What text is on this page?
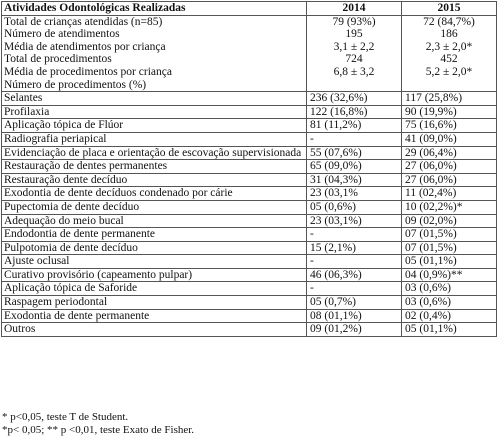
Atividades Odontológicas Realizadas	2014	2015
Total de crianças atendidas (n=85)	79 (93%)	72 (84,7%)
Número de atendimentos	195	186
Média de atendimentos por criança	3,1 ± 2,2	2,3 ± 2,0*
Total de procedimentos	724	452
Média de procedimentos por criança	6,8 ± 3,2	5,2 ± 2,0*
Número de procedimentos (%)		
Selantes	236 (32,6%)	117 (25,8%)
Profilaxia	122 (16,8%)	90 (19,9%)
Aplicação tópica de Flúor	81 (11,2%)	75 (16,6%)
Radiografia periapical	-	41 (09,0%)
Evidenciação de placa e orientação de escovação supervisionada	55 (07,6%)	29 (06,4%)
Restauração de dentes permanentes	65 (09,0%)	27 (06,0%)
Restauração dente decíduo	31 (04,3%)	27 (06,0%)
Exodontia de dente decíduos condenado por cárie	23 (03,1%	11 (02,4%)
Pupectomia de dente decíduo	05 (0,6%)	10 (02,2%)*
Adequação do meio bucal	23 (03,1%)	09 (02,0%)
Endodontia de dente permanente	-	07 (01,5%)
Pulpotomia de dente decíduo	15 (2,1%)	07 (01,5%)
Ajuste oclusal	-	05 (01,1%)
Curativo provisório (capeamento pulpar)	46 (06,3%)	04 (0,9%)**
Aplicação tópica de Saforide	-	03 (0,6%)
Raspagem periodontal	05 (0,7%)	03 (0,6%)
Exodontia de dente permanente	08 (01,1%)	02 (0,4%)
Outros	09 (01,2%)	05 (01,1%)
* p<0,05, teste T de Student.
*p< 0,05; ** p <0,01, teste Exato de Fisher.
